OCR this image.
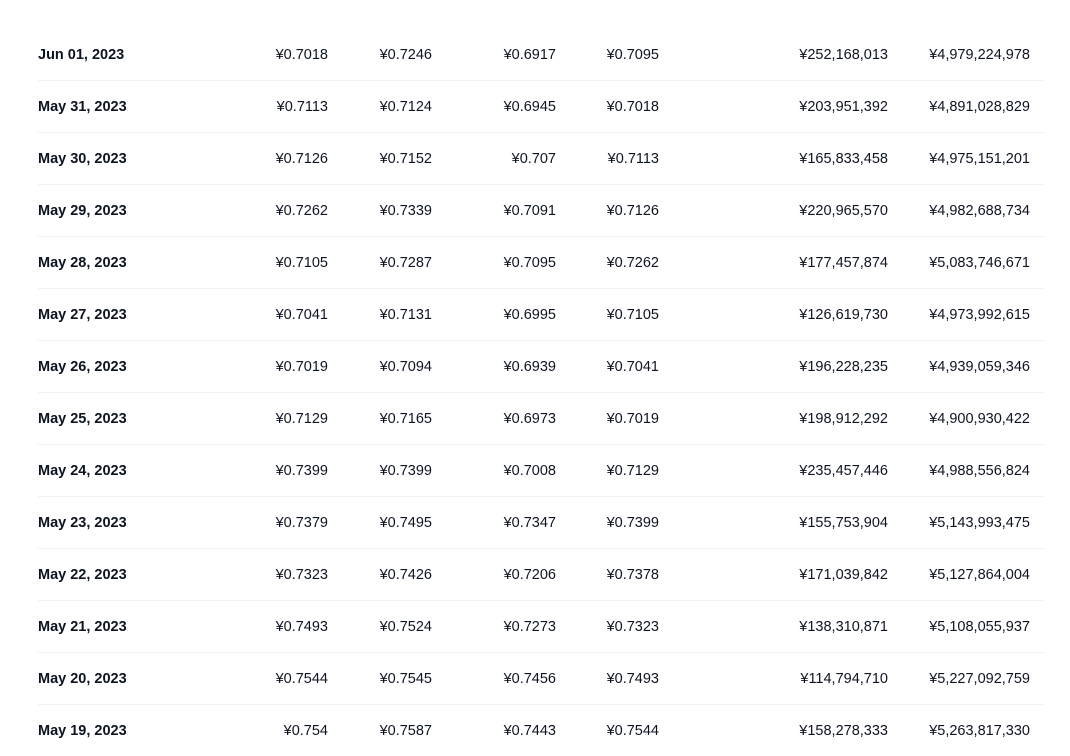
Jun 01, 2023	¥0.7018	¥0.7246	¥0.6917	¥0.7095	¥252,168,013	¥4,979,224,978	
May 31, 2023	¥0.7113	¥0.7124	¥0.6945	¥0.7018	¥203,951,392	¥4,891,028,829	
May 30, 2023	¥0.7126	¥0.7152	¥0.707	¥0.7113	¥165,833,458	¥4,975,151,201	
May 29, 2023	¥0.7262	¥0.7339	¥0.7091	¥0.7126	¥220,965,570	¥4,982,688,734	
May 28, 2023	¥0.7105	¥0.7287	¥0.7095	¥0.7262	¥177,457,874	¥5,083,746,671	
May 27, 2023	¥0.7041	¥0.7131	¥0.6995	¥0.7105	¥126,619,730	¥4,973,992,615	
May 26, 2023	¥0.7019	¥0.7094	¥0.6939	¥0.7041	¥196,228,235	¥4,939,059,346	
May 25, 2023	¥0.7129	¥0.7165	¥0.6973	¥0.7019	¥198,912,292	¥4,900,930,422	
May 24, 2023	¥0.7399	¥0.7399	¥0.7008	¥0.7129	¥235,457,446	¥4,988,556,824	
May 23, 2023	¥0.7379	¥0.7495	¥0.7347	¥0.7399	¥155,753,904	¥5,143,993,475	
May 22, 2023	¥0.7323	¥0.7426	¥0.7206	¥0.7378	¥171,039,842	¥5,127,864,004	
May 21, 2023	¥0.7493	¥0.7524	¥0.7273	¥0.7323	¥138,310,871	¥5,108,055,937	
May 20, 2023	¥0.7544	¥0.7545	¥0.7456	¥0.7493	¥114,794,710	¥5,227,092,759	
May 19, 2023	¥0.754	¥0.7587	¥0.7443	¥0.7544	¥158,278,333	¥5,263,817,330	
